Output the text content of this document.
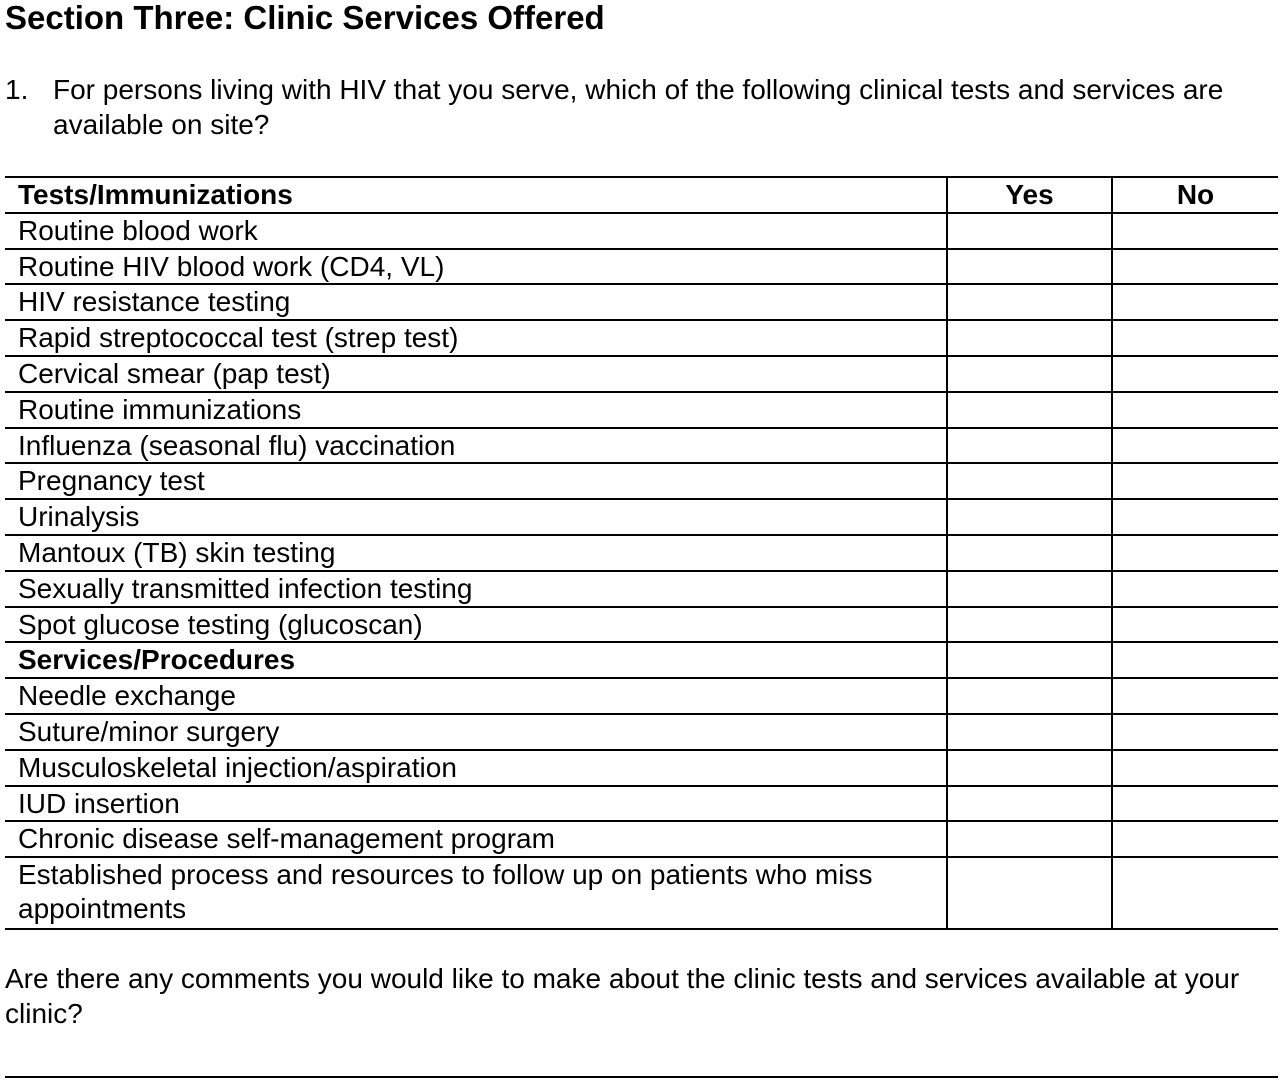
Section Three: Clinic Services Offered
1. For persons living with HIV that you serve, which of the following clinical tests and services are available on site?
Tests/Immunizations	Yes	No
Routine blood work		
Routine HIV blood work (CD4, VL)		
HIV resistance testing		
Rapid streptococcal test (strep test)		
Cervical smear (pap test)		
Routine immunizations		
Influenza (seasonal flu) vaccination		
Pregnancy test		
Urinalysis		
Mantoux (TB) skin testing		
Sexually transmitted infection testing		
Spot glucose testing (glucoscan)		
Services/Procedures		
Needle exchange		
Suture/minor surgery		
Musculoskeletal injection/aspiration		
IUD insertion		
Chronic disease self-management program		
Established process and resources to follow up on patients who miss appointments		
Are there any comments you would like to make about the clinic tests and services available at your clinic?
